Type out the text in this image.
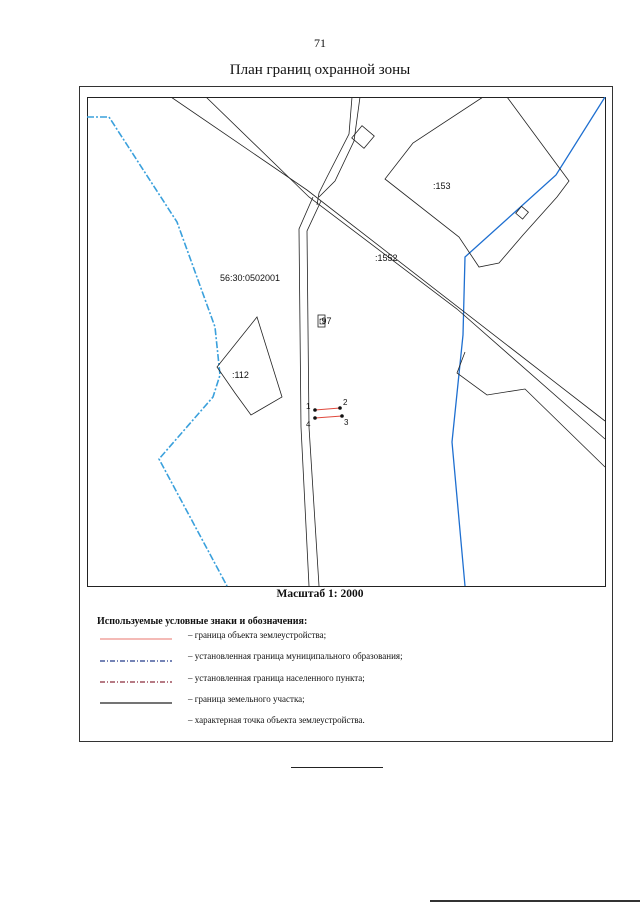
71
План границ охранной зоны
1	2
3
4
56:30:0502001
:153
:1552
:97
:112
Масштаб 1: 2000
Используемые условные знаки и обозначения:
– граница объекта землеустройства;
– установленная граница муниципального образования;
– установленная граница населенного пункта;
– граница земельного участка;
– характерная точка объекта землеустройства.
